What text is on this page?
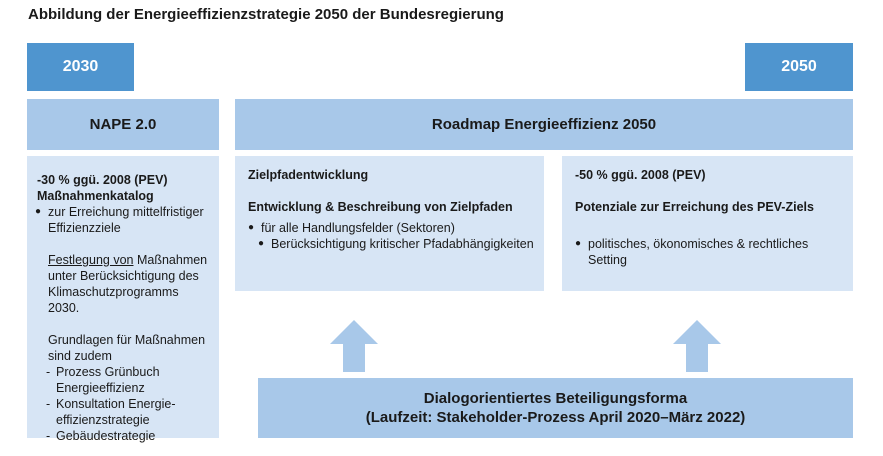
Abbildung der Energieeffizienzstrategie 2050 der Bundesregierung
2030	2050
NAPE 2.0	Roadmap Energieeffizienz 2050
-30 % ggü. 2008 (PEV)
Maßnahmenkatalog
● zur Erreichung mittelfristiger Effizienzziele
Festlegung von Maßnahmen unter Berücksichtigung des Klimaschutzprogramms 2030.
Grundlagen für Maßnahmen sind zudem
- Prozess Grünbuch Energieeffizienz
- Konsultation Energie-effizienzstrategie
- Gebäudestrategie
Zielpfadentwicklung
Entwicklung & Beschreibung von Zielpfaden
● für alle Handlungsfelder (Sektoren)
● Berücksichtigung kritischer Pfadabhängigkeiten
-50 % ggü. 2008 (PEV)
Potenziale zur Erreichung des PEV-Ziels
● politisches, ökonomisches & rechtliches Setting
Dialogorientiertes Beteiligungsforma
(Laufzeit: Stakeholder-Prozess April 2020–März 2022)
